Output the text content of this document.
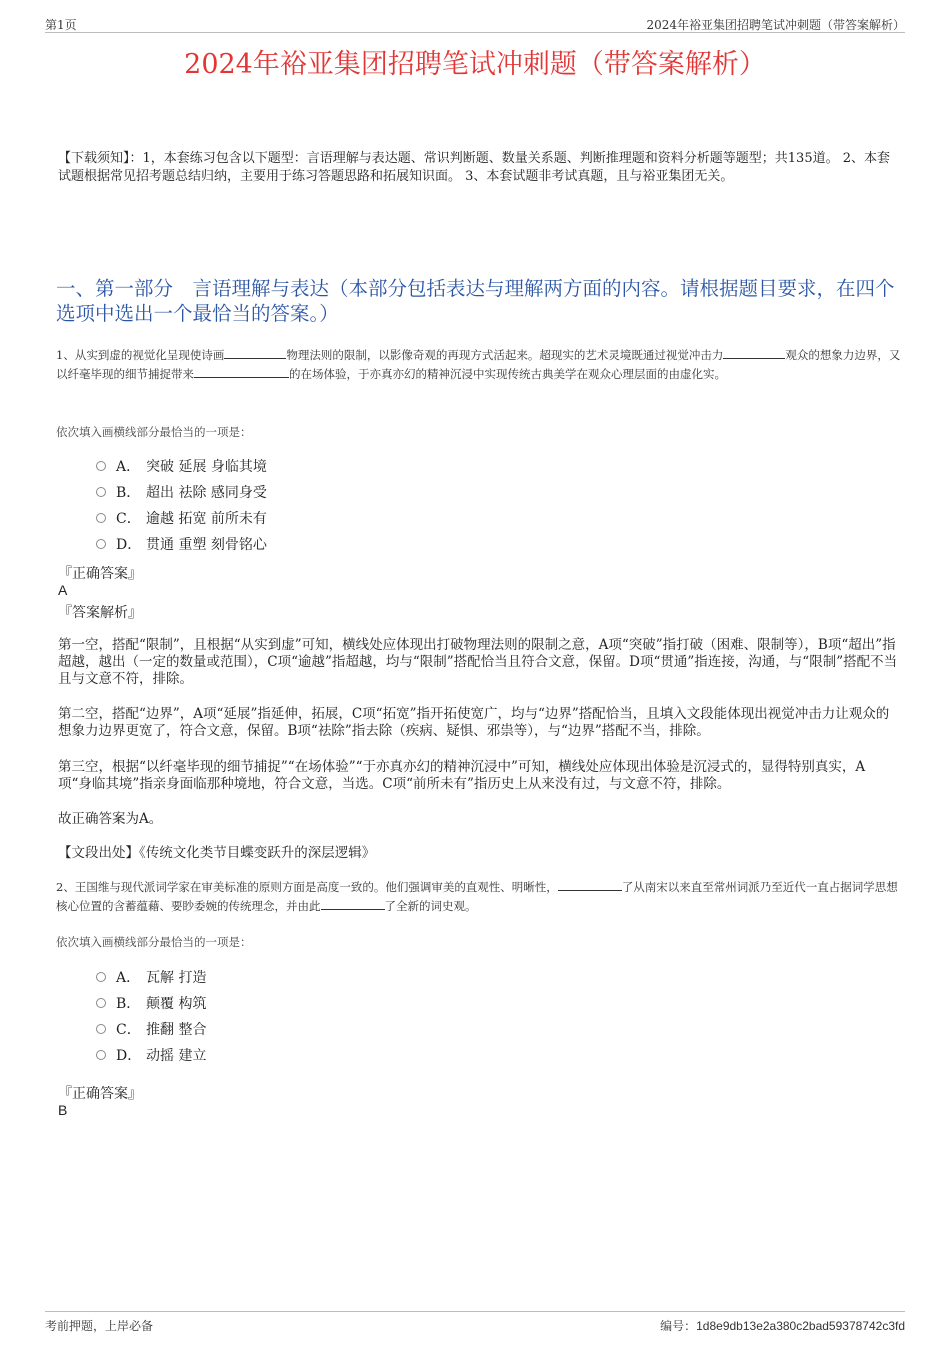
第1页	2024年裕亚集团招聘笔试冲刺题（带答案解析）
2024年裕亚集团招聘笔试冲刺题（带答案解析）
【下载须知】：1，本套练习包含以下题型：言语理解与表达题、常识判断题、数量关系题、判断推理题和资料分析题等题型；共135道。 2、本套试题根据常见招考题总结归纳，主要用于练习答题思路和拓展知识面。 3、本套试题非考试真题，且与裕亚集团无关。
一、第一部分　言语理解与表达（本部分包括表达与理解两方面的内容。请根据题目要求，在四个选项中选出一个最恰当的答案。）
1、从实到虚的视觉化呈现使诗画	物理法则的限制，以影像奇观的再现方式活起来。超现实的艺术灵境既通过视觉冲击力	观众的想象力边界，又以纤毫毕现的细节捕捉带来	的在场体验，于亦真亦幻的精神沉浸中实现传统古典美学在观众心理层面的由虚化实。
依次填入画横线部分最恰当的一项是：
A． 突破 延展 身临其境
B． 超出 祛除 感同身受
C． 逾越 拓宽 前所未有
D． 贯通 重塑 刻骨铭心
『正确答案』
A
『答案解析』
第一空，搭配“限制”，且根据“从实到虚”可知，横线处应体现出打破物理法则的限制之意，A项“突破”指打破（困难、限制等），B项“超出”指超越，越出（一定的数量或范围），C项“逾越”指超越，均与“限制”搭配恰当且符合文意，保留。D项“贯通”指连接，沟通，与“限制”搭配不当且与文意不符，排除。
第二空，搭配“边界”，A项“延展”指延伸，拓展，C项“拓宽”指开拓使宽广，均与“边界”搭配恰当，且填入文段能体现出视觉冲击力让观众的想象力边界更宽了，符合文意，保留。B项“祛除”指去除（疾病、疑惧、邪祟等），与“边界”搭配不当，排除。
第三空，根据“以纤毫毕现的细节捕捉”“在场体验”“于亦真亦幻的精神沉浸中”可知，横线处应体现出体验是沉浸式的，显得特别真实，A项“身临其境”指亲身面临那种境地，符合文意，当选。C项“前所未有”指历史上从来没有过，与文意不符，排除。
故正确答案为A。
【文段出处】《传统文化类节目蝶变跃升的深层逻辑》
2、王国维与现代派词学家在审美标准的原则方面是高度一致的。他们强调审美的直观性、明晰性，	了从南宋以来直至常州词派乃至近代一直占据词学思想核心位置的含蓄蕴藉、要眇委婉的传统理念，并由此	了全新的词史观。
依次填入画横线部分最恰当的一项是：
A． 瓦解 打造
B． 颠覆 构筑
C． 推翻 整合
D． 动摇 建立
『正确答案』
B
考前押题，上岸必备	编号：1d8e9db13e2a380c2bad59378742c3fd
